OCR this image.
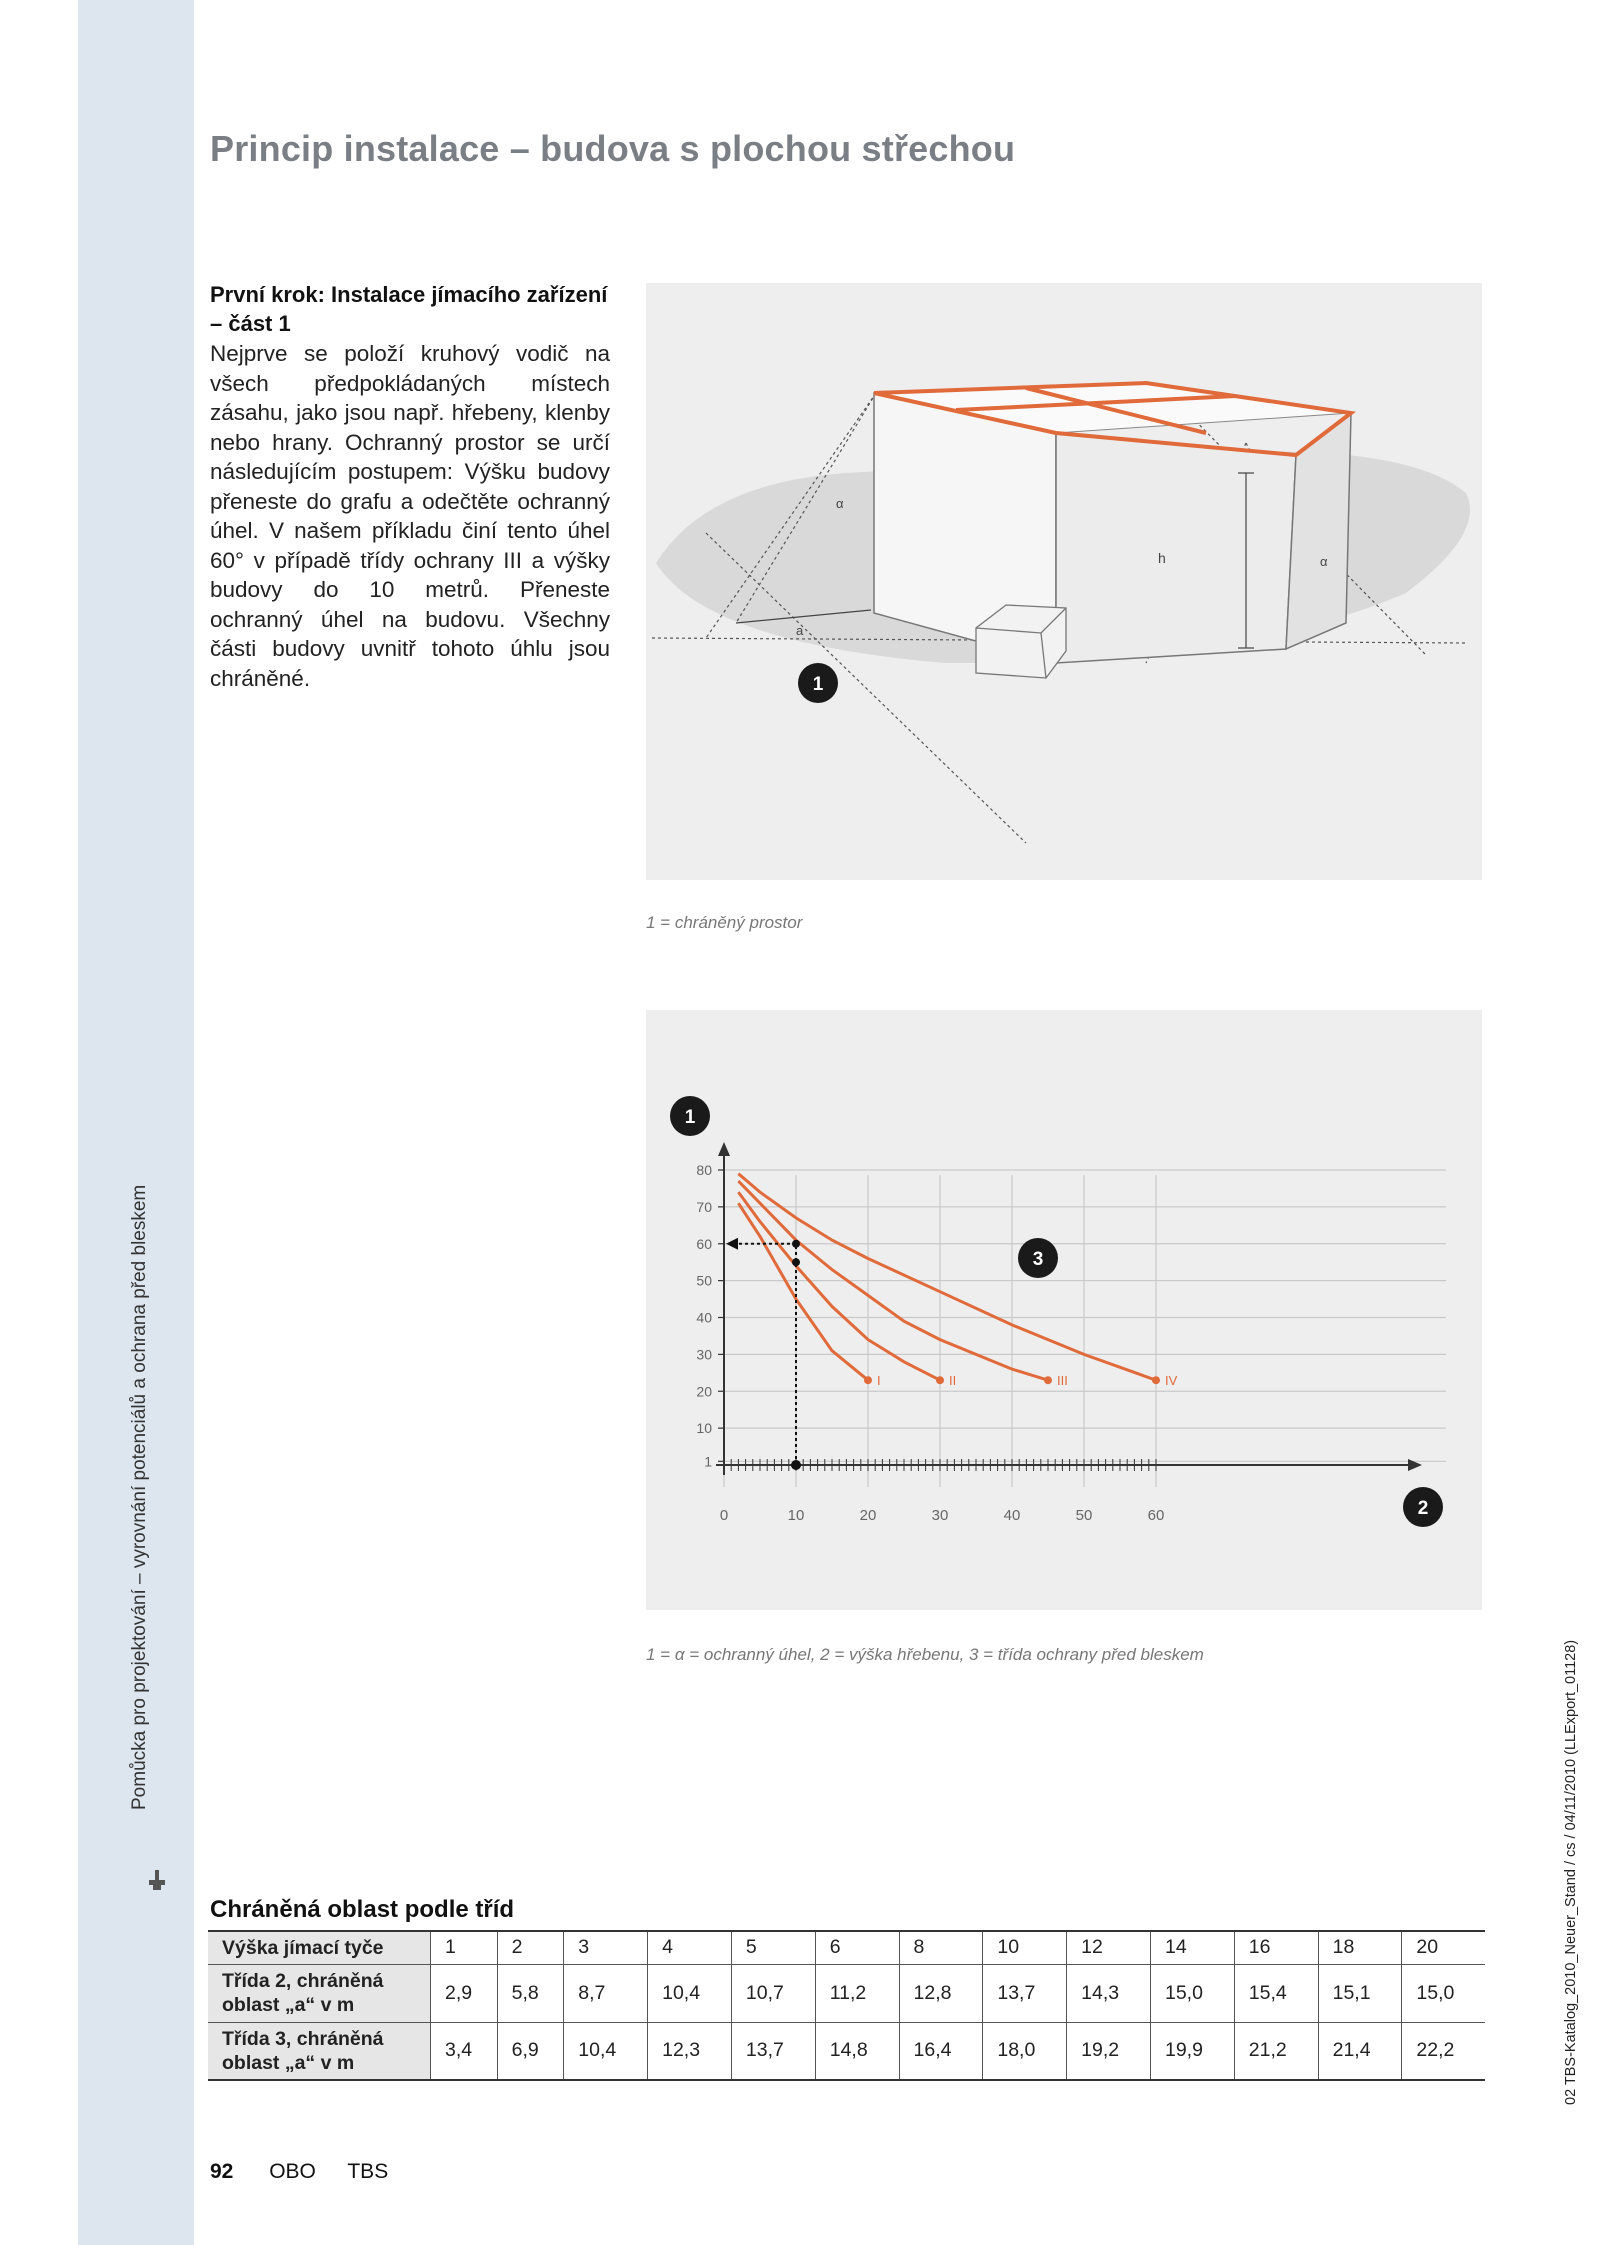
Pomůcka pro projektování – vyrovnání potenciálů a ochrana před bleskem
02 TBS-Katalog_2010_Neuer_Stand / cs / 04/11/2010 (LLExport_01128)
Princip instalace – budova s plochou střechou
První krok: Instalace jímacího zařízení – část 1

Nejprve se položí kruhový vodič na všech předpokládaných místech zásahu, jako jsou např. hřebeny, klenby nebo hrany. Ochranný prostor se určí následujícím postupem: Výšku budovy přeneste do grafu a odečtěte ochranný úhel. V našem příkladu činí tento úhel 60° v případě třídy ochrany III a výšky budovy do 10 metrů. Přeneste ochranný úhel na budovu. Všechny části budovy uvnitř tohoto úhlu jsou chráněné.

h
α
α
a
1
1 = chráněný prostor
1
10
20
30
40
50
60
70
80
0	10	20	30	40	50	60
I	II	III	IV
1
2
3
1 = α = ochranný úhel, 2 = výška hřebenu, 3 = třída ochrany před bleskem
Chráněná oblast podle tříd
Výška jímací tyče	1	2	3	4	5	6	8	10	12	14	16	18	20
Třída 2, chráněná oblast „a“ v m	2,9	5,8	8,7	10,4	10,7	11,2	12,8	13,7	14,3	15,0	15,4	15,1	15,0
Třída 3, chráněná oblast „a“ v m	3,4	6,9	10,4	12,3	13,7	14,8	16,4	18,0	19,2	19,9	21,2	21,4	22,2
92 OBO TBS
